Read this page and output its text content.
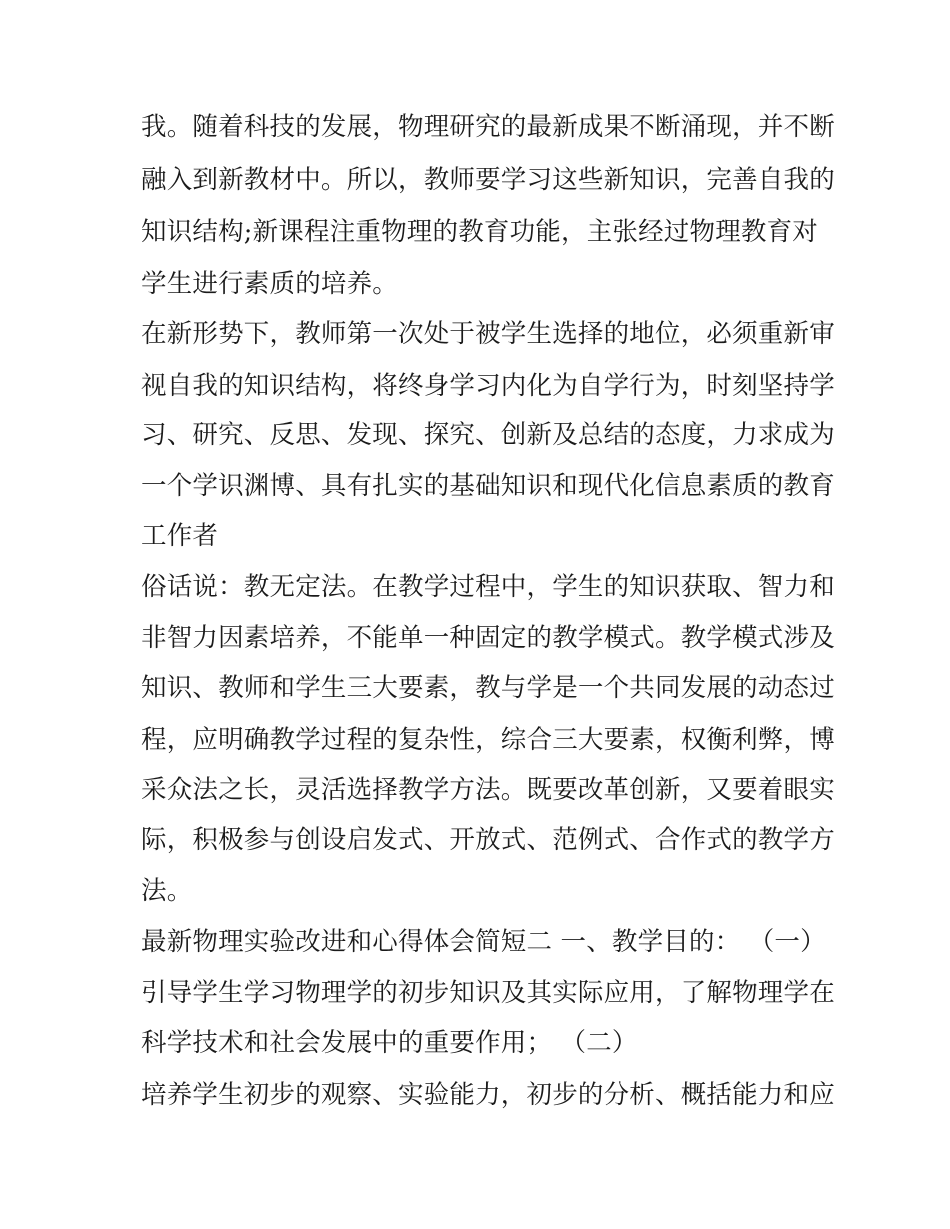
我。随着科技的发展，物理研究的最新成果不断涌现，并不断
融入到新教材中。所以，教师要学习这些新知识，完善自我的
知识结构;新课程注重物理的教育功能，主张经过物理教育对
学生进行素质的培养。
在新形势下，教师第一次处于被学生选择的地位，必须重新审
视自我的知识结构，将终身学习内化为自学行为，时刻坚持学
习、研究、反思、发现、探究、创新及总结的态度，力求成为
一个学识渊博、具有扎实的基础知识和现代化信息素质的教育
工作者
俗话说：教无定法。在教学过程中，学生的知识获取、智力和
非智力因素培养，不能单一种固定的教学模式。教学模式涉及
知识、教师和学生三大要素，教与学是一个共同发展的动态过
程，应明确教学过程的复杂性，综合三大要素，权衡利弊，博
采众法之长，灵活选择教学方法。既要改革创新，又要着眼实
际，积极参与创设启发式、开放式、范例式、合作式的教学方
法。
最新物理实验改进和心得体会简短二 一、教学目的： （一）
引导学生学习物理学的初步知识及其实际应用，了解物理学在
科学技术和社会发展中的重要作用； （二）
培养学生初步的观察、实验能力，初步的分析、概括能力和应
